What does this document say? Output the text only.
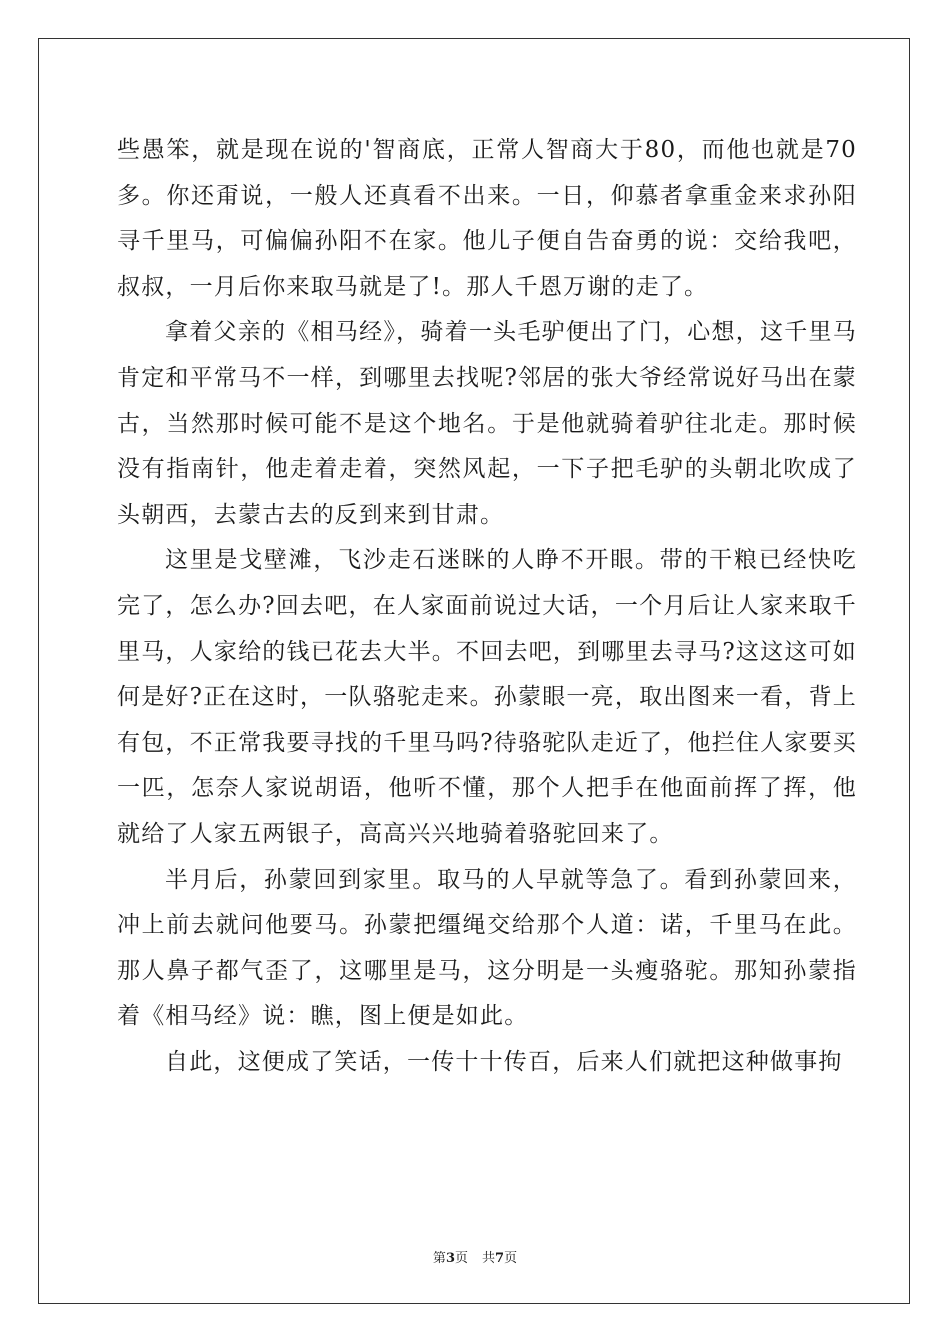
些愚笨，就是现在说的'智商底，正常人智商大于80，而他也就是70多。你还甭说，一般人还真看不出来。一日，仰慕者拿重金来求孙阳寻千里马，可偏偏孙阳不在家。他儿子便自告奋勇的说：交给我吧，叔叔，一月后你来取马就是了!。那人千恩万谢的走了。

拿着父亲的《相马经》，骑着一头毛驴便出了门，心想，这千里马肯定和平常马不一样，到哪里去找呢?邻居的张大爷经常说好马出在蒙古，当然那时候可能不是这个地名。于是他就骑着驴往北走。那时候没有指南针，他走着走着，突然风起，一下子把毛驴的头朝北吹成了头朝西，去蒙古去的反到来到甘肃。

这里是戈壁滩，飞沙走石迷眯的人睁不开眼。带的干粮已经快吃完了，怎么办?回去吧，在人家面前说过大话，一个月后让人家来取千里马，人家给的钱已花去大半。不回去吧，到哪里去寻马?这这这可如何是好?正在这时，一队骆驼走来。孙蒙眼一亮，取出图来一看，背上有包，不正常我要寻找的千里马吗?待骆驼队走近了，他拦住人家要买一匹，怎奈人家说胡语，他听不懂，那个人把手在他面前挥了挥，他就给了人家五两银子，高高兴兴地骑着骆驼回来了。

半月后，孙蒙回到家里。取马的人早就等急了。看到孙蒙回来，冲上前去就问他要马。孙蒙把缰绳交给那个人道：诺，千里马在此。那人鼻子都气歪了，这哪里是马，这分明是一头瘦骆驼。那知孙蒙指着《相马经》说：瞧，图上便是如此。

自此，这便成了笑话，一传十十传百，后来人们就把这种做事拘

第3页 共7页
